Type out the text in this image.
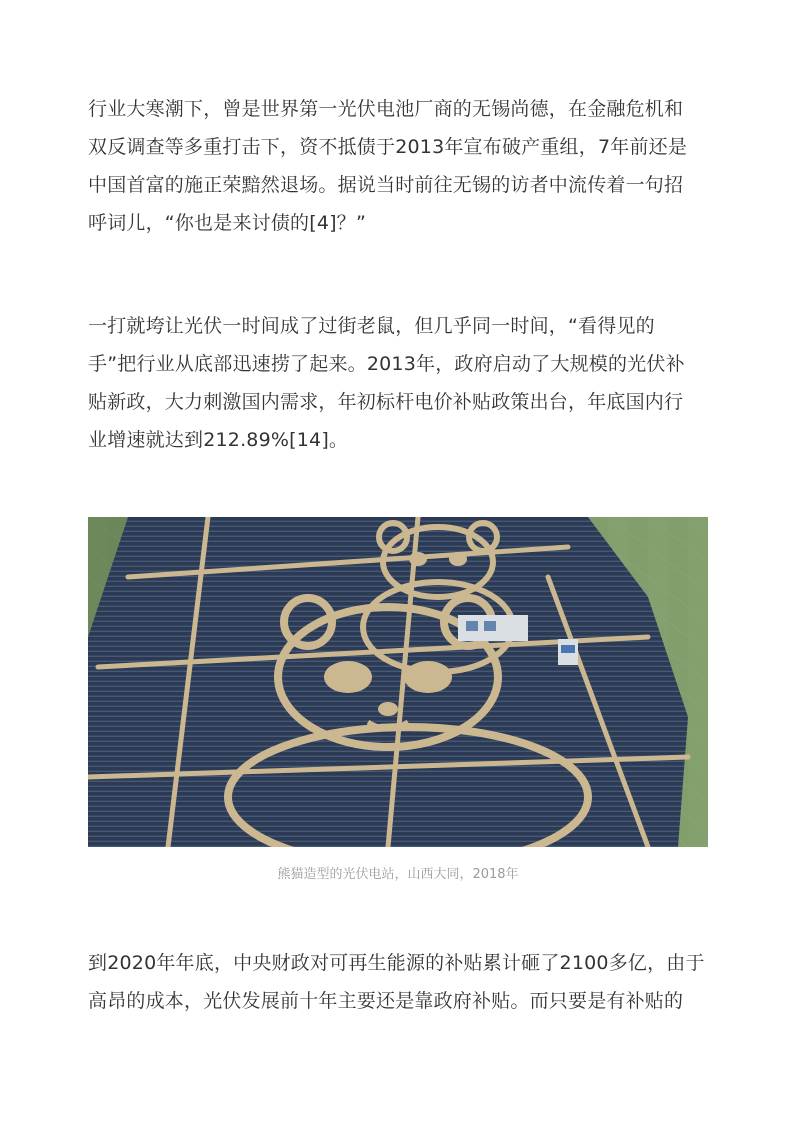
行业大寒潮下，曾是世界第一光伏电池厂商的无锡尚德，在金融危机和
双反调查等多重打击下，资不抵债于2013年宣布破产重组，7年前还是
中国首富的施正荣黯然退场。据说当时前往无锡的访者中流传着一句招
呼词儿，“你也是来讨债的[4]？”

一打就垮让光伏一时间成了过街老鼠，但几乎同一时间，“看得见的
手”把行业从底部迅速捞了起来。2013年，政府启动了大规模的光伏补
贴新政，大力刺激国内需求，年初标杆电价补贴政策出台，年底国内行
业增速就达到212.89%[14]。

熊猫造型的光伏电站，山西大同，2018年

到2020年年底，中央财政对可再生能源的补贴累计砸了2100多亿，由于
高昂的成本，光伏发展前十年主要还是靠政府补贴。而只要是有补贴的
